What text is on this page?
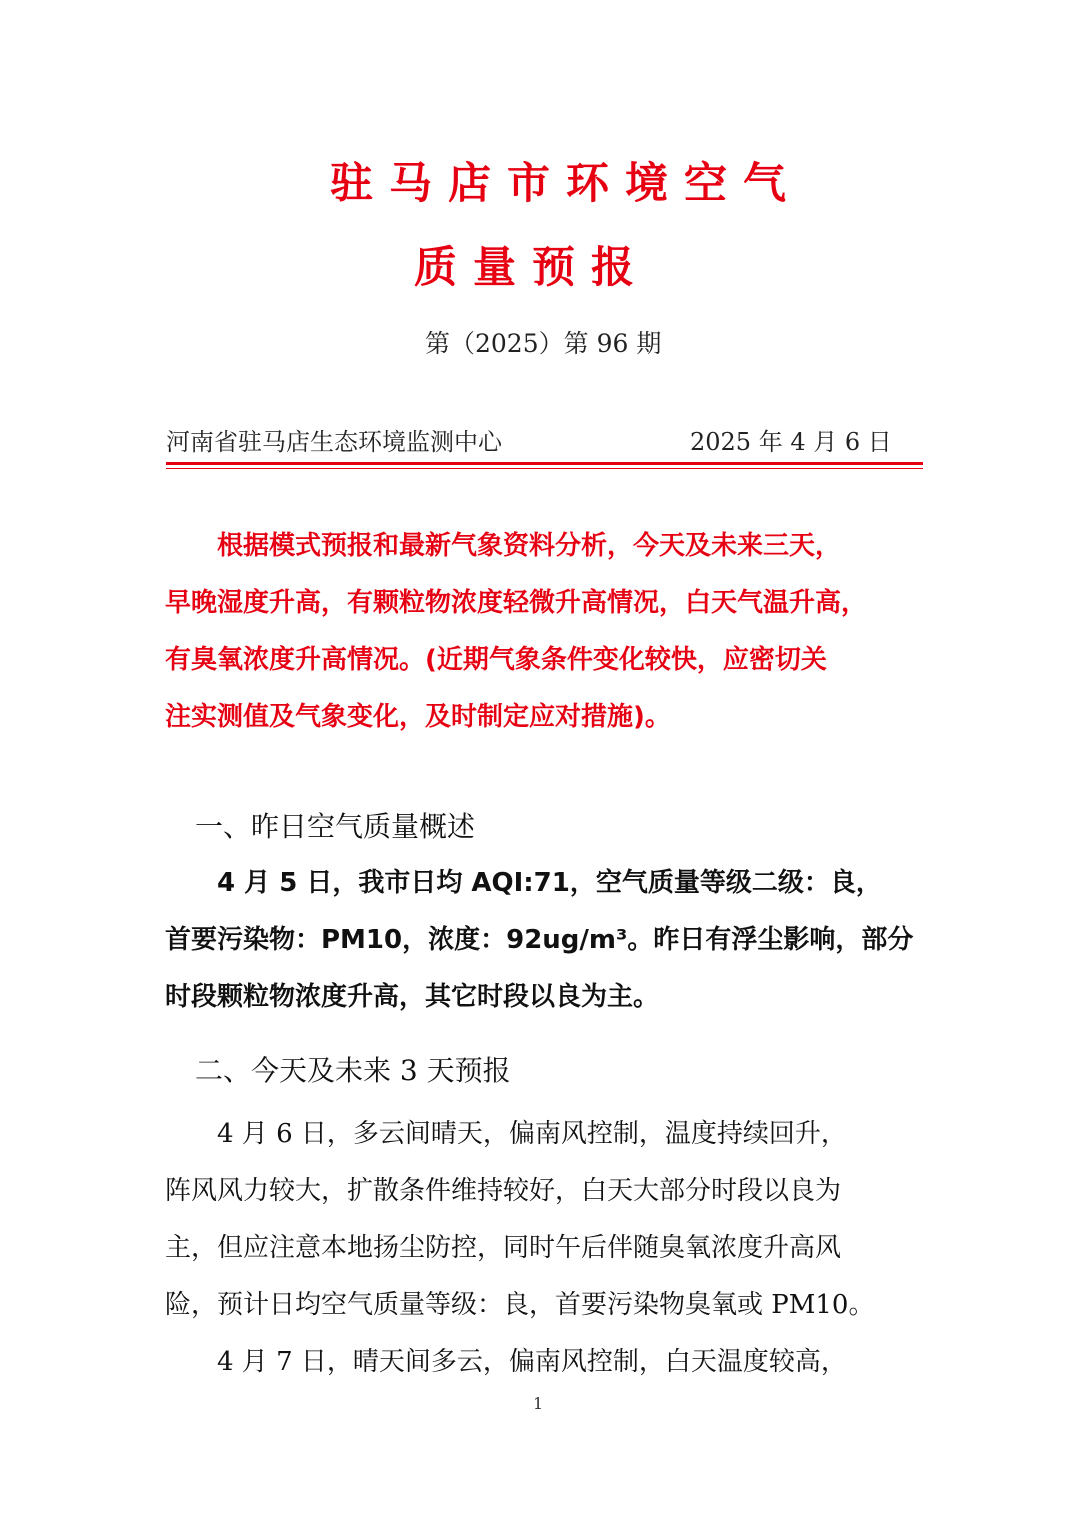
驻马店市环境空气
质量预报
第（2025）第 96 期
河南省驻马店生态环境监测中心	2025 年 4 月 6 日

　　根据模式预报和最新气象资料分析，今天及未来三天，

早晚湿度升高，有颗粒物浓度轻微升高情况，白天气温升高，

有臭氧浓度升高情况。(近期气象条件变化较快，应密切关

注实测值及气象变化，及时制定应对措施)。

一、昨日空气质量概述

　　4 月 5 日，我市日均 AQI:71，空气质量等级二级：良，

首要污染物：PM10，浓度：92ug/m³。昨日有浮尘影响，部分

时段颗粒物浓度升高，其它时段以良为主。

二、今天及未来 3 天预报

　　4 月 6 日，多云间晴天，偏南风控制，温度持续回升，

阵风风力较大，扩散条件维持较好，白天大部分时段以良为

主，但应注意本地扬尘防控，同时午后伴随臭氧浓度升高风

险，预计日均空气质量等级：良，首要污染物臭氧或 PM10。

　　4 月 7 日，晴天间多云，偏南风控制，白天温度较高，

1
